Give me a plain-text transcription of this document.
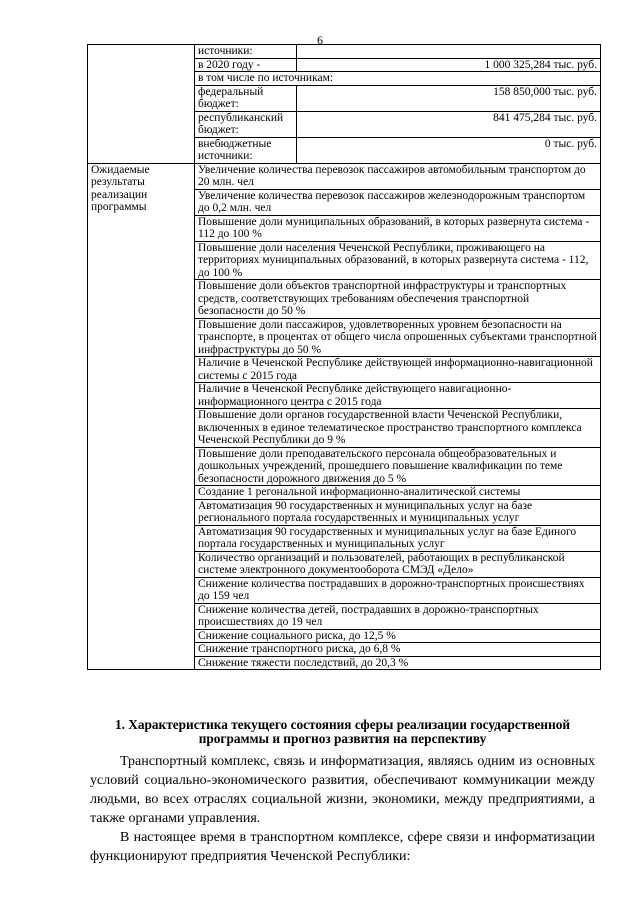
6
	источники:	
	в 2020 году -	1 000 325,284 тыс. руб.
	в том числе по источникам:	
	федеральный бюджет:	158 850,000 тыс. руб.
	республиканский бюджет:	841 475,284 тыс. руб.
	внебюджетные источники:	0 тыс. руб.
Ожидаемые результаты реализации программы	Увеличение количества перевозок пассажиров автомобильным транспортом до 20 млн. чел	
	Увеличение количества перевозок пассажиров железнодорожным транспортом до 0,2 млн. чел	
	Повышение доли муниципальных образований, в которых развернута система - 112 до 100 %	
	Повышение доли населения Чеченской Республики, проживающего на территориях муниципальных образований, в которых развернута система - 112, до 100 %	
	Повышение доли объектов транспортной инфраструктуры и транспортных средств, соответствующих требованиям обеспечения транспортной безопасности до 50 %	
	Повышение доли пассажиров, удовлетворенных уровнем безопасности на транспорте, в процентах от общего числа опрошенных субъектами транспортной инфраструктуры до 50 %	
	Наличие в Чеченской Республике действующей информационно-навигационной системы с 2015 года	
	Наличие в Чеченской Республике действующего навигационно-информационного центра с 2015 года	
	Повышение доли органов государственной власти Чеченской Республики, включенных в единое телематическое пространство транспортного комплекса Чеченской Республики до 9 %	
	Повышение доли преподавательского персонала общеобразовательных и дошкольных учреждений, прошедшего повышение квалификации по теме безопасности дорожного движения до 5 %	
	Создание 1 регональной информационно-аналитической системы	
	Автоматизация 90 государственных и муниципальных услуг на базе регионального портала государственных и муниципальных услуг	
	Автоматизация 90 государственных и муниципальных услуг на базе Единого портала государственных и муниципальных услуг	
	Количество организаций и пользователей, работающих в республиканской системе электронного документооборота СМЭД «Дело»	
	Снижение количества пострадавших в дорожно-транспортных происшествиях до 159 чел	
	Снижение количества детей, пострадавших в дорожно-транспортных происшествиях до 19 чел	
	Снижение социального риска, до 12,5 %	
	Снижение транспортного риска, до 6,8 %	
	Снижение тяжести последствий, до 20,3 %	
1. Характеристика текущего состояния сферы реализации государственной программы и прогноз развития на перспективу

Транспортный комплекс, связь и информатизация, являясь одним из основных условий социально-экономического развития, обеспечивают коммуникации между людьми, во всех отраслях социальной жизни, экономики, между предприятиями, а также органами управления.

В настоящее время в транспортном комплексе, сфере связи и информатизации функционируют предприятия Чеченской Республики:
